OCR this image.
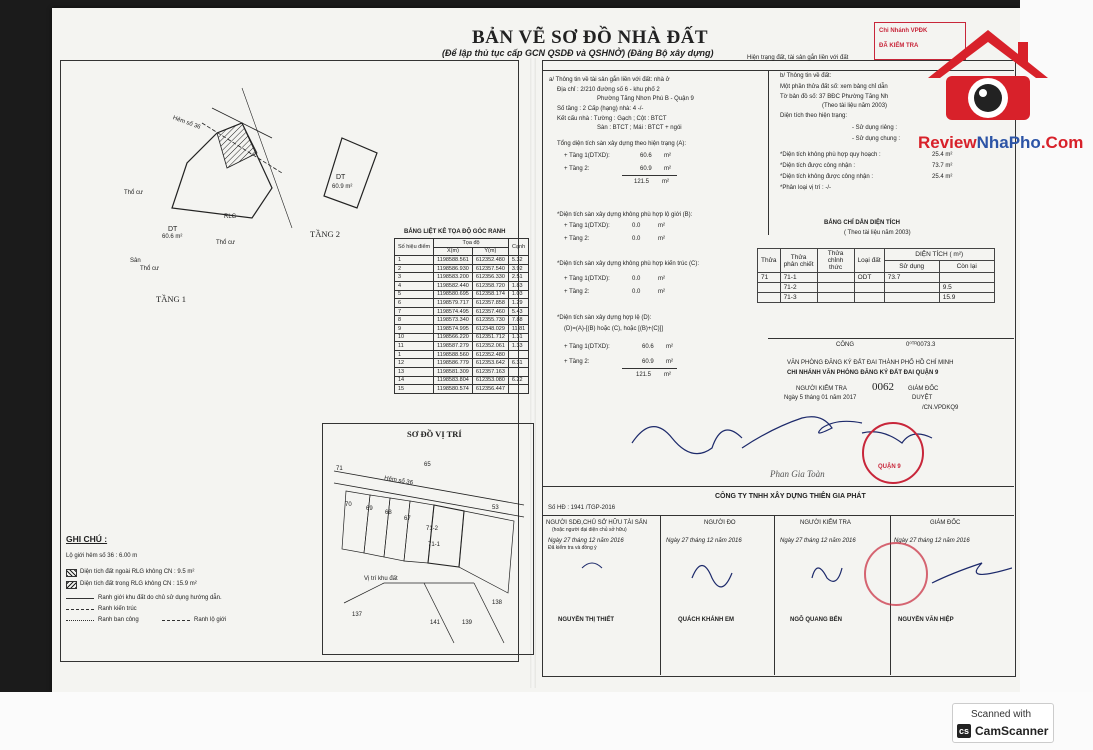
BẢN VẼ SƠ ĐỒ NHÀ ĐẤT
(Để lập thủ tục cấp GCN QSDĐ và QSHNỞ) (Đăng Bộ xây dựng)
Hẻm số 36
DT
60.6 m²
DT
60.9 m²
Thổ cư
Thổ cư
Thổ cư
Sân
RLG
TẦNG 1
TẦNG 2	BẢNG LIỆT KÊ TỌA ĐỘ GÓC RANH
Số hiệu điểm	Tọa độ		Cạnh
	X(m)	Y(m)	
1	1198588.561	612352.480	5.32
2	1198586.930	612357.540	3.92
3	1198583.200	612356.330	2.51
4	1198582.440	612358.720	1.83
5	1198580.695	612358.174	1.03
6	1198579.717	612357.858	1.29
7	1198574.495	612357.460	5.43
8	1198573.340	612355.730	7.88
9	1198574.995	612348.029	11.81
10	1198566.220	612351.712	1.31
11	1198587.279	612352.061	1.33
1	1198588.560	612352.480	
12	1198586.779	612353.642	6.31
13	1198581.309	612357.163	
14	1198583.804	612353.080	6.22
15	1198580.574	612356.447	
SƠ ĐỒ VỊ TRÍ
71
65
Hẻm số 36
70
69
68
67
71-2
71-1
53
138
137
141	139
Vị trí khu đất
GHI CHÚ :
Lộ giới hẻm số 36 : 6.00 m
Diện tích đất ngoài RLG không CN : 9.5 m²
Diện tích đất trong RLG không CN : 15.9 m²
Ranh giới khu đất do chủ sử dụng hướng dẫn.
Ranh kiến trúc
Ranh ban công	Ranh lộ giới
Hiện trạng đất, tài sản gắn liền với đất
a/ Thông tin về tài sản gắn liền với đất: nhà ở
Địa chỉ : 2/210 đường số 6 - khu phố 2
Phường Tăng Nhơn Phú B - Quận 9
Số tầng : 2 Cấp (hạng) nhà: 4 -/-
Kết cấu nhà : Tường : Gạch ; Cột : BTCT
Sàn : BTCT ; Mái : BTCT + ngói
Tổng diện tích sàn xây dựng theo hiện trạng (A):
+ Tầng 1(DTXD):	60.6 m²
+ Tầng 2:	60.9 m²
121.5 m²
*Diện tích sàn xây dựng không phù hợp lộ giới (B):
+ Tầng 1(DTXD):	0.0	m²
+ Tầng 2:	0.0	m²
*Diện tích sàn xây dựng không phù hợp kiến trúc (C):
+ Tầng 1(DTXD):	0.0	m²
+ Tầng 2:	0.0	m²
*Diện tích sàn xây dựng hợp lệ (D):
(D)=(A)-[(B) hoặc (C), hoặc [(B)+(C)]]
+ Tầng 1(DTXD):	60.6 m²
+ Tầng 2:	60.9 m²
121.5 m²
b/ Thông tin về đất:
Một phần thửa đất số: xem bảng chỉ dẫn
Tờ bản đồ số: 37 BĐC Phường Tăng Nh
(Theo tài liệu năm 2003)
Diện tích theo hiện trạng:
- Sử dụng riêng :
- Sử dụng chung :
*Diện tích không phù hợp quy hoạch :	25.4 m²
*Diện tích được công nhận :	73.7 m²
*Diện tích không được công nhận :	25.4 m²
*Phân loại vị trí : -/-
BẢNG CHỈ DẪN DIỆN TÍCH
( Theo tài liệu năm 2003)
Thửa	Thửa phân chiết	Thửa chỉnh thức	Loại đất	DIỆN TÍCH ( m²)	
				Sử dụng	Còn lại
71	71-1		ODT	73.7	
	71-2				9.5
	71-3				15.9
CÔNG	0⁰ᵀᴿ0073.3
VĂN PHÒNG ĐĂNG KÝ ĐẤT ĐAI THÀNH PHỐ HỒ CHÍ MINH
CHI NHÁNH VĂN PHÒNG ĐĂNG KÝ ĐẤT ĐAI QUẬN 9
NGƯỜI KIỂM TRA
Ngày 5 tháng 01 năm 2017
GIÁM ĐỐC
DUYỆT
0062
/CN.VPDKQ9
Phan Gia Toàn
QUẬN 9
CÔNG TY TNHH XÂY DỰNG THIÊN GIA PHÁT
Số HĐ : 1941 /TGP-2016
NGƯỜI SDĐ,CHỦ SỞ HỮU TÀI SẢN
(hoặc người đại diện chủ sở hữu)
Ngày 27 tháng 12 năm 2016
Đã kiểm tra và đồng ý
NGUYỄN THỊ THIẾT
NGƯỜI ĐO
Ngày 27 tháng 12 năm 2016
QUÁCH KHÁNH EM
NGƯỜI KIỂM TRA
Ngày 27 tháng 12 năm 2016
NGÔ QUANG BẾN
GIÁM ĐỐC
Ngày 27 tháng 12 năm 2016
NGUYỄN VĂN HIỆP
Chi Nhánh VPĐK
ĐÃ KIỂM TRA
ReviewNhaPho.Com
Scanned with
cs CamScanner
